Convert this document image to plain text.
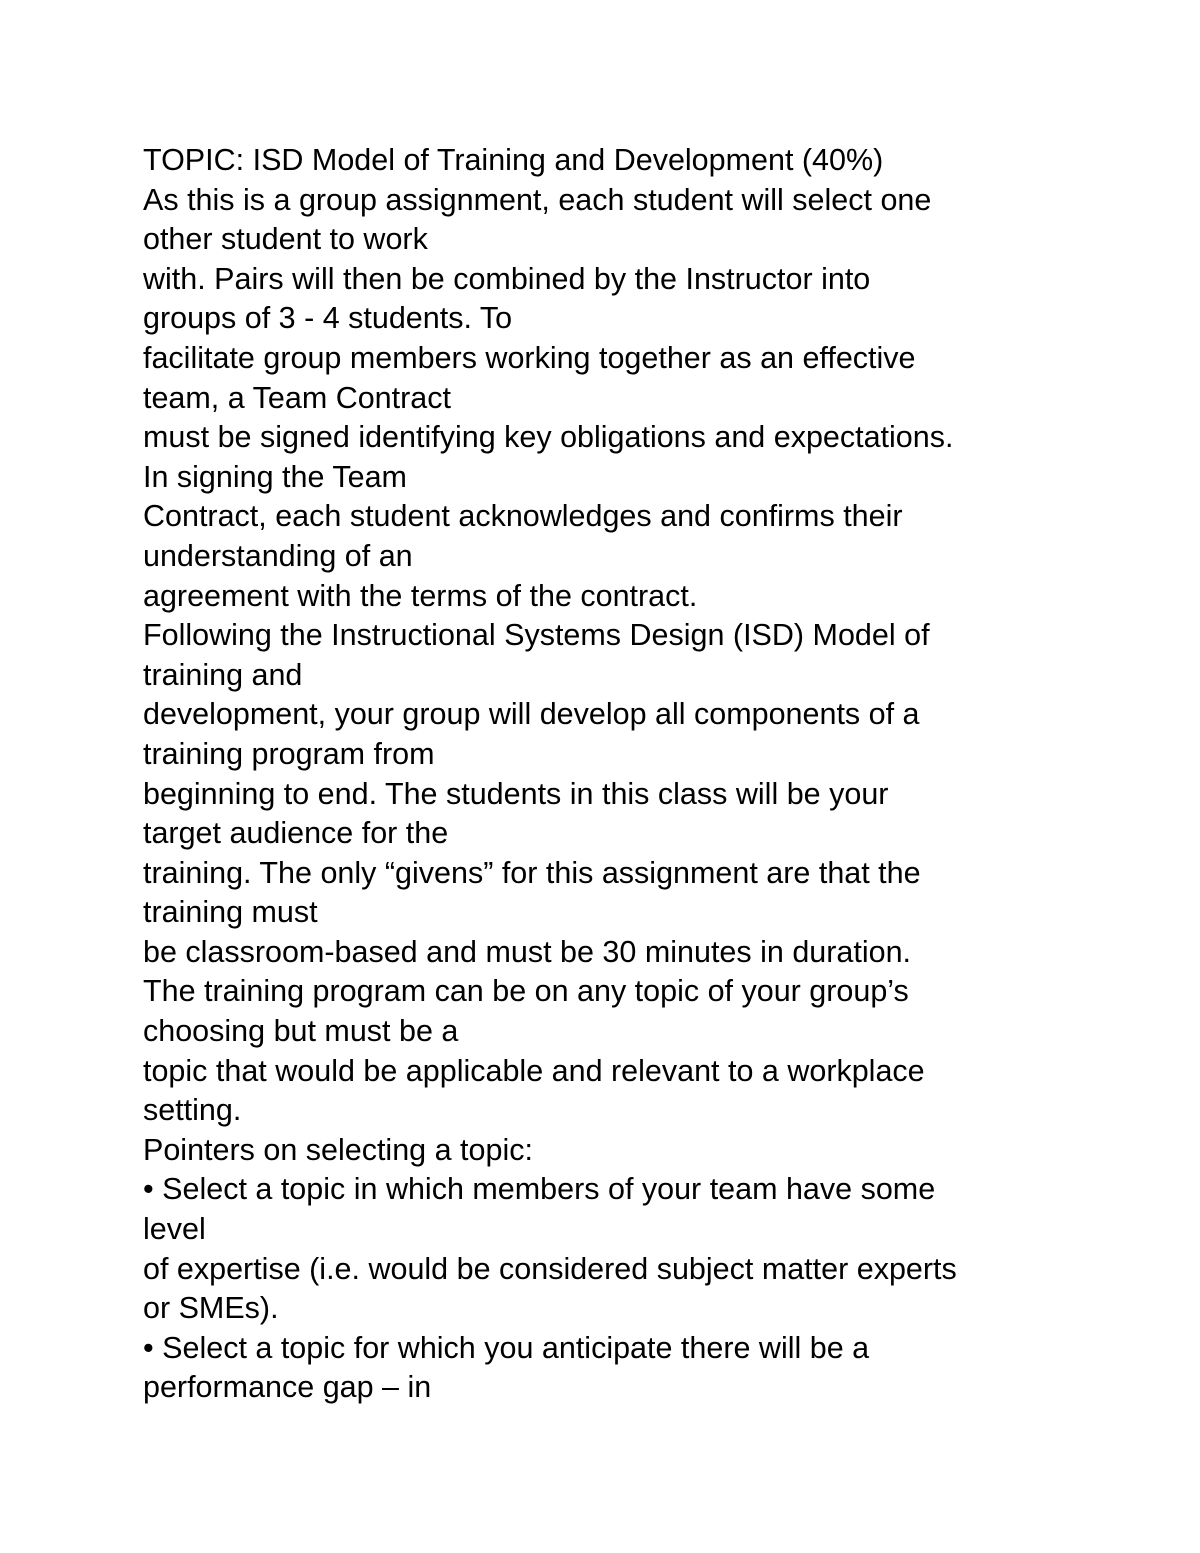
TOPIC: ISD Model of Training and Development (40%)
As this is a group assignment, each student will select one
other student to work
with. Pairs will then be combined by the Instructor into
groups of 3 - 4 students. To
facilitate group members working together as an effective
team, a Team Contract
must be signed identifying key obligations and expectations.
In signing the Team
Contract, each student acknowledges and confirms their
understanding of an
agreement with the terms of the contract.
Following the Instructional Systems Design (ISD) Model of
training and
development, your group will develop all components of a
training program from
beginning to end. The students in this class will be your
target audience for the
training. The only “givens” for this assignment are that the
training must
be classroom-based and must be 30 minutes in duration.
The training program can be on any topic of your group’s
choosing but must be a
topic that would be applicable and relevant to a workplace
setting.
Pointers on selecting a topic:
• Select a topic in which members of your team have some
level
of expertise (i.e. would be considered subject matter experts
or SMEs).
• Select a topic for which you anticipate there will be a
performance gap – in
